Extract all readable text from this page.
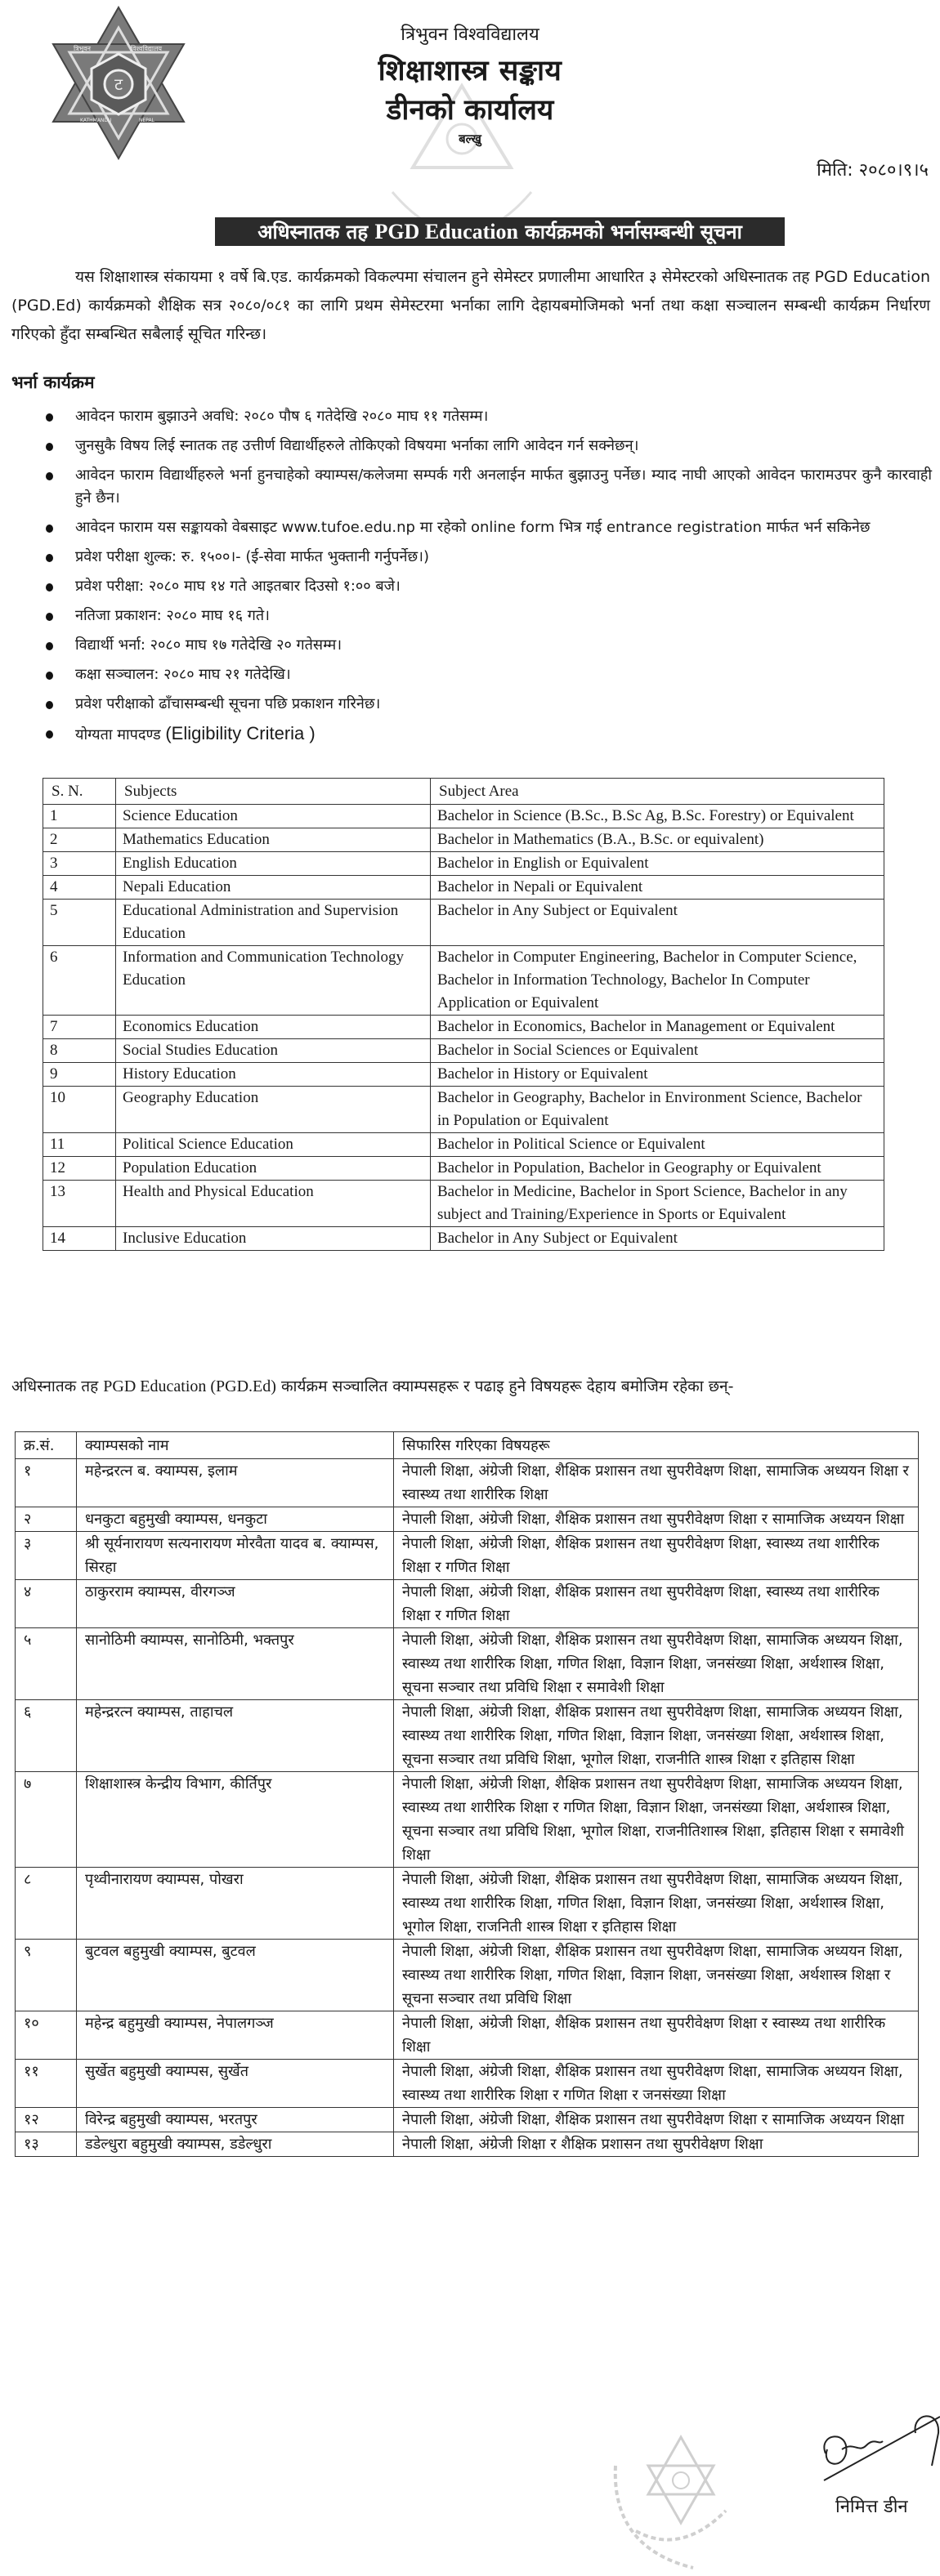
ट
त्रिभुवन	विश्वविद्यालय
KATHMANDU	NEPAL
त्रिभुवन विश्वविद्यालय
शिक्षाशास्त्र सङ्काय
डीनको कार्यालय
बल्खु
मिति: २०८०।९।५
अधिस्नातक तह PGD Education कार्यक्रमको भर्नासम्बन्धी सूचना
यस शिक्षाशास्त्र संकायमा १ वर्षे बि.एड. कार्यक्रमको विकल्पमा संचालन हुने सेमेस्टर प्रणालीमा आधारित ३ सेमेस्टरको अधिस्नातक तह PGD Education (PGD.Ed) कार्यक्रमको शैक्षिक सत्र २०८०/०८१ का लागि प्रथम सेमेस्टरमा भर्नाका लागि देहायबमोजिमको भर्ना तथा कक्षा सञ्चालन सम्बन्धी कार्यक्रम निर्धारण गरिएको हुँदा सम्बन्धित सबैलाई सूचित गरिन्छ।
भर्ना कार्यक्रम
आवेदन फाराम बुझाउने अवधि: २०८० पौष ६ गतेदेखि २०८० माघ ११ गतेसम्म।
जुनसुकै विषय लिई स्नातक तह उत्तीर्ण विद्यार्थीहरुले तोकिएको विषयमा भर्नाका लागि आवेदन गर्न सक्नेछन्।
आवेदन फाराम विद्यार्थीहरुले भर्ना हुनचाहेको क्याम्पस/कलेजमा सम्पर्क गरी अनलाईन मार्फत बुझाउनु पर्नेछ। म्याद नाघी आएको आवेदन फारामउपर कुनै कारवाही हुने छैन।
आवेदन फाराम यस सङ्कायको वेबसाइट www.tufoe.edu.np मा रहेको online form भित्र गई entrance registration मार्फत भर्न सकिनेछ
प्रवेश परीक्षा शुल्क: रु. १५००।- (ई-सेवा मार्फत भुक्तानी गर्नुपर्नेछ।)
प्रवेश परीक्षा: २०८० माघ १४ गते आइतबार दिउसो १:०० बजे।
नतिजा प्रकाशन: २०८० माघ १६ गते।
विद्यार्थी भर्ना: २०८० माघ १७ गतेदेखि २० गतेसम्म।
कक्षा सञ्चालन: २०८० माघ २१ गतेदेखि।
प्रवेश परीक्षाको ढाँचासम्बन्धी सूचना पछि प्रकाशन गरिनेछ।
योग्यता मापदण्ड (Eligibility Criteria )
S. N.	Subjects	Subject Area
1	Science Education	Bachelor in Science (B.Sc., B.Sc Ag, B.Sc. Forestry) or Equivalent
2	Mathematics Education	Bachelor in Mathematics (B.A., B.Sc. or equivalent)
3	English Education	Bachelor in English or Equivalent
4	Nepali Education	Bachelor in Nepali or Equivalent
5	Educational Administration and Supervision Education	Bachelor in Any Subject or Equivalent
6	Information and Communication Technology Education	Bachelor in Computer Engineering, Bachelor in Computer Science, Bachelor in Information Technology, Bachelor In Computer Application or Equivalent
7	Economics Education	Bachelor in Economics, Bachelor in Management or Equivalent
8	Social Studies Education	Bachelor in Social Sciences or Equivalent
9	History Education	Bachelor in History or Equivalent
10	Geography Education	Bachelor in Geography, Bachelor in Environment Science, Bachelor in Population or Equivalent
11	Political Science Education	Bachelor in Political Science or Equivalent
12	Population Education	Bachelor in Population, Bachelor in Geography or Equivalent
13	Health and Physical Education	Bachelor in Medicine, Bachelor in Sport Science, Bachelor in any subject and Training/Experience in Sports or Equivalent
14	Inclusive Education	Bachelor in Any Subject or Equivalent
अधिस्नातक तह PGD Education (PGD.Ed) कार्यक्रम सञ्चालित क्याम्पसहरू र पढाइ हुने विषयहरू देहाय बमोजिम रहेका छन्-
क्र.सं.	क्याम्पसको नाम	सिफारिस गरिएका विषयहरू
१	महेन्द्ररत्न ब. क्याम्पस, इलाम	नेपाली शिक्षा, अंग्रेजी शिक्षा, शैक्षिक प्रशासन तथा सुपरीवेक्षण शिक्षा, सामाजिक अध्ययन शिक्षा र स्वास्थ्य तथा शारीरिक शिक्षा
२	धनकुटा बहुमुखी क्याम्पस, धनकुटा	नेपाली शिक्षा, अंग्रेजी शिक्षा, शैक्षिक प्रशासन तथा सुपरीवेक्षण शिक्षा र सामाजिक अध्ययन शिक्षा
३	श्री सूर्यनारायण सत्यनारायण मोरवैता यादव ब. क्याम्पस, सिरहा	नेपाली शिक्षा, अंग्रेजी शिक्षा, शैक्षिक प्रशासन तथा सुपरीवेक्षण शिक्षा, स्वास्थ्य तथा शारीरिक शिक्षा र गणित शिक्षा
४	ठाकुरराम क्याम्पस, वीरगञ्ज	नेपाली शिक्षा, अंग्रेजी शिक्षा, शैक्षिक प्रशासन तथा सुपरीवेक्षण शिक्षा, स्वास्थ्य तथा शारीरिक शिक्षा र गणित शिक्षा
५	सानोठिमी क्याम्पस, सानोठिमी, भक्तपुर	नेपाली शिक्षा, अंग्रेजी शिक्षा, शैक्षिक प्रशासन तथा सुपरीवेक्षण शिक्षा, सामाजिक अध्ययन शिक्षा, स्वास्थ्य तथा शारीरिक शिक्षा, गणित शिक्षा, विज्ञान शिक्षा, जनसंख्या शिक्षा, अर्थशास्त्र शिक्षा, सूचना सञ्चार तथा प्रविधि शिक्षा र समावेशी शिक्षा
६	महेन्द्ररत्न क्याम्पस, ताहाचल	नेपाली शिक्षा, अंग्रेजी शिक्षा, शैक्षिक प्रशासन तथा सुपरीवेक्षण शिक्षा, सामाजिक अध्ययन शिक्षा, स्वास्थ्य तथा शारीरिक शिक्षा, गणित शिक्षा, विज्ञान शिक्षा, जनसंख्या शिक्षा, अर्थशास्त्र शिक्षा, सूचना सञ्चार तथा प्रविधि शिक्षा, भूगोल शिक्षा, राजनीति शास्त्र शिक्षा र इतिहास शिक्षा
७	शिक्षाशास्त्र केन्द्रीय विभाग, कीर्तिपुर	नेपाली शिक्षा, अंग्रेजी शिक्षा, शैक्षिक प्रशासन तथा सुपरीवेक्षण शिक्षा, सामाजिक अध्ययन शिक्षा, स्वास्थ्य तथा शारीरिक शिक्षा र गणित शिक्षा, विज्ञान शिक्षा, जनसंख्या शिक्षा, अर्थशास्त्र शिक्षा, सूचना सञ्चार तथा प्रविधि शिक्षा, भूगोल शिक्षा, राजनीतिशास्त्र शिक्षा, इतिहास शिक्षा र समावेशी शिक्षा
८	पृथ्वीनारायण क्याम्पस, पोखरा	नेपाली शिक्षा, अंग्रेजी शिक्षा, शैक्षिक प्रशासन तथा सुपरीवेक्षण शिक्षा, सामाजिक अध्ययन शिक्षा, स्वास्थ्य तथा शारीरिक शिक्षा, गणित शिक्षा, विज्ञान शिक्षा, जनसंख्या शिक्षा, अर्थशास्त्र शिक्षा, भूगोल शिक्षा, राजनिती शास्त्र शिक्षा र इतिहास शिक्षा
९	बुटवल बहुमुखी क्याम्पस, बुटवल	नेपाली शिक्षा, अंग्रेजी शिक्षा, शैक्षिक प्रशासन तथा सुपरीवेक्षण शिक्षा, सामाजिक अध्ययन शिक्षा, स्वास्थ्य तथा शारीरिक शिक्षा, गणित शिक्षा, विज्ञान शिक्षा, जनसंख्या शिक्षा, अर्थशास्त्र शिक्षा र सूचना सञ्चार तथा प्रविधि शिक्षा
१०	महेन्द्र बहुमुखी क्याम्पस, नेपालगञ्ज	नेपाली शिक्षा, अंग्रेजी शिक्षा, शैक्षिक प्रशासन तथा सुपरीवेक्षण शिक्षा र स्वास्थ्य तथा शारीरिक शिक्षा
११	सुर्खेत बहुमुखी क्याम्पस, सुर्खेत	नेपाली शिक्षा, अंग्रेजी शिक्षा, शैक्षिक प्रशासन तथा सुपरीवेक्षण शिक्षा, सामाजिक अध्ययन शिक्षा, स्वास्थ्य तथा शारीरिक शिक्षा र गणित शिक्षा र जनसंख्या शिक्षा
१२	विरेन्द्र बहुमुखी क्याम्पस, भरतपुर	नेपाली शिक्षा, अंग्रेजी शिक्षा, शैक्षिक प्रशासन तथा सुपरीवेक्षण शिक्षा र सामाजिक अध्ययन शिक्षा
१३	डडेल्धुरा बहुमुखी क्याम्पस, डडेल्धुरा	नेपाली शिक्षा, अंग्रेजी शिक्षा र शैक्षिक प्रशासन तथा सुपरीवेक्षण शिक्षा
निमित्त डीन
